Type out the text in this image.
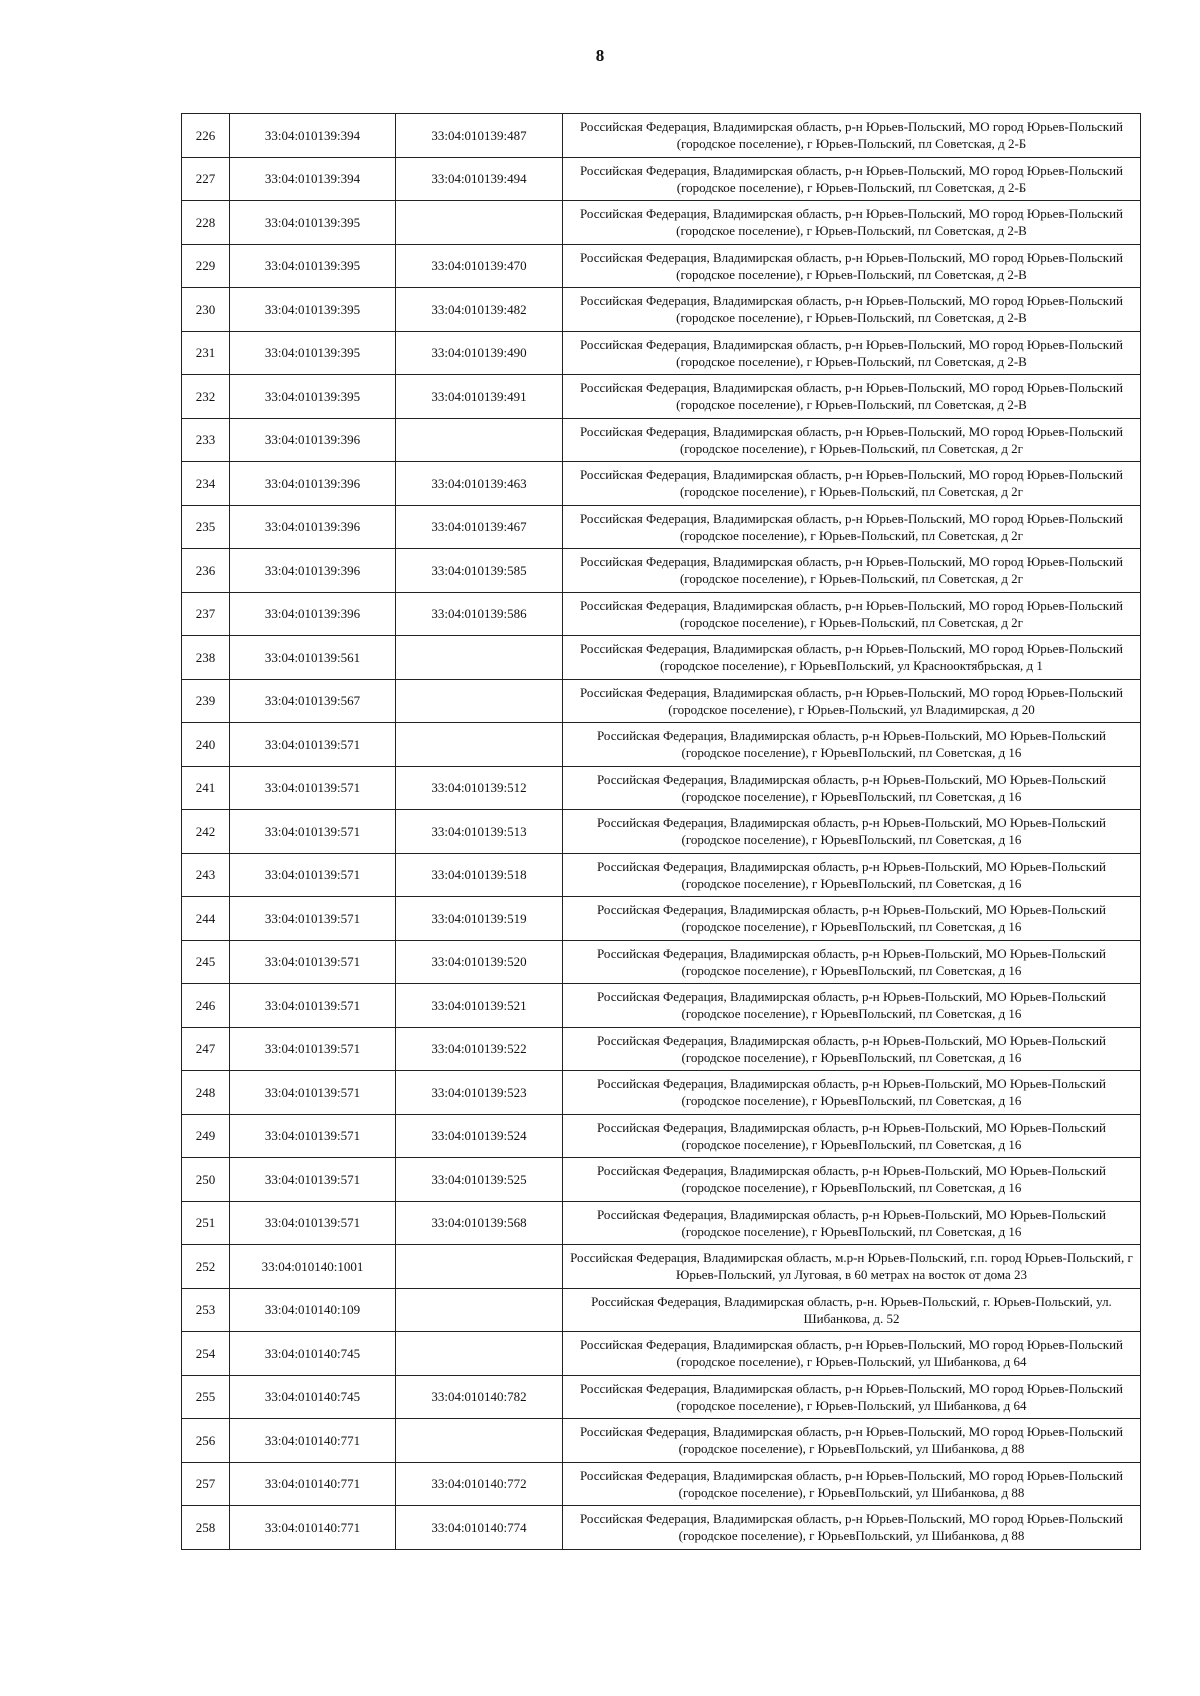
8
226	33:04:010139:394	33:04:010139:487	Российская Федерация, Владимирская область, р-н Юрьев-Польский, МО город Юрьев-Польский (городское поселение), г Юрьев-Польский, пл Советская, д 2-Б
227	33:04:010139:394	33:04:010139:494	Российская Федерация, Владимирская область, р-н Юрьев-Польский, МО город Юрьев-Польский (городское поселение), г Юрьев-Польский, пл Советская, д 2-Б
228	33:04:010139:395		Российская Федерация, Владимирская область, р-н Юрьев-Польский, МО город Юрьев-Польский (городское поселение), г Юрьев-Польский, пл Советская, д 2-В
229	33:04:010139:395	33:04:010139:470	Российская Федерация, Владимирская область, р-н Юрьев-Польский, МО город Юрьев-Польский (городское поселение), г Юрьев-Польский, пл Советская, д 2-В
230	33:04:010139:395	33:04:010139:482	Российская Федерация, Владимирская область, р-н Юрьев-Польский, МО город Юрьев-Польский (городское поселение), г Юрьев-Польский, пл Советская, д 2-В
231	33:04:010139:395	33:04:010139:490	Российская Федерация, Владимирская область, р-н Юрьев-Польский, МО город Юрьев-Польский (городское поселение), г Юрьев-Польский, пл Советская, д 2-В
232	33:04:010139:395	33:04:010139:491	Российская Федерация, Владимирская область, р-н Юрьев-Польский, МО город Юрьев-Польский (городское поселение), г Юрьев-Польский, пл Советская, д 2-В
233	33:04:010139:396		Российская Федерация, Владимирская область, р-н Юрьев-Польский, МО город Юрьев-Польский (городское поселение), г Юрьев-Польский, пл Советская, д 2г
234	33:04:010139:396	33:04:010139:463	Российская Федерация, Владимирская область, р-н Юрьев-Польский, МО город Юрьев-Польский (городское поселение), г Юрьев-Польский, пл Советская, д 2г
235	33:04:010139:396	33:04:010139:467	Российская Федерация, Владимирская область, р-н Юрьев-Польский, МО город Юрьев-Польский (городское поселение), г Юрьев-Польский, пл Советская, д 2г
236	33:04:010139:396	33:04:010139:585	Российская Федерация, Владимирская область, р-н Юрьев-Польский, МО город Юрьев-Польский (городское поселение), г Юрьев-Польский, пл Советская, д 2г
237	33:04:010139:396	33:04:010139:586	Российская Федерация, Владимирская область, р-н Юрьев-Польский, МО город Юрьев-Польский (городское поселение), г Юрьев-Польский, пл Советская, д 2г
238	33:04:010139:561		Российская Федерация, Владимирская область, р-н Юрьев-Польский, МО город Юрьев-Польский (городское поселение), г ЮрьевПольский, ул Краснооктябрьская, д 1
239	33:04:010139:567		Российская Федерация, Владимирская область, р-н Юрьев-Польский, МО город Юрьев-Польский (городское поселение), г Юрьев-Польский, ул Владимирская, д 20
240	33:04:010139:571		Российская Федерация, Владимирская область, р-н Юрьев-Польский, МО Юрьев-Польский (городское поселение), г ЮрьевПольский, пл Советская, д 16
241	33:04:010139:571	33:04:010139:512	Российская Федерация, Владимирская область, р-н Юрьев-Польский, МО Юрьев-Польский (городское поселение), г ЮрьевПольский, пл Советская, д 16
242	33:04:010139:571	33:04:010139:513	Российская Федерация, Владимирская область, р-н Юрьев-Польский, МО Юрьев-Польский (городское поселение), г ЮрьевПольский, пл Советская, д 16
243	33:04:010139:571	33:04:010139:518	Российская Федерация, Владимирская область, р-н Юрьев-Польский, МО Юрьев-Польский (городское поселение), г ЮрьевПольский, пл Советская, д 16
244	33:04:010139:571	33:04:010139:519	Российская Федерация, Владимирская область, р-н Юрьев-Польский, МО Юрьев-Польский (городское поселение), г ЮрьевПольский, пл Советская, д 16
245	33:04:010139:571	33:04:010139:520	Российская Федерация, Владимирская область, р-н Юрьев-Польский, МО Юрьев-Польский (городское поселение), г ЮрьевПольский, пл Советская, д 16
246	33:04:010139:571	33:04:010139:521	Российская Федерация, Владимирская область, р-н Юрьев-Польский, МО Юрьев-Польский (городское поселение), г ЮрьевПольский, пл Советская, д 16
247	33:04:010139:571	33:04:010139:522	Российская Федерация, Владимирская область, р-н Юрьев-Польский, МО Юрьев-Польский (городское поселение), г ЮрьевПольский, пл Советская, д 16
248	33:04:010139:571	33:04:010139:523	Российская Федерация, Владимирская область, р-н Юрьев-Польский, МО Юрьев-Польский (городское поселение), г ЮрьевПольский, пл Советская, д 16
249	33:04:010139:571	33:04:010139:524	Российская Федерация, Владимирская область, р-н Юрьев-Польский, МО Юрьев-Польский (городское поселение), г ЮрьевПольский, пл Советская, д 16
250	33:04:010139:571	33:04:010139:525	Российская Федерация, Владимирская область, р-н Юрьев-Польский, МО Юрьев-Польский (городское поселение), г ЮрьевПольский, пл Советская, д 16
251	33:04:010139:571	33:04:010139:568	Российская Федерация, Владимирская область, р-н Юрьев-Польский, МО Юрьев-Польский (городское поселение), г ЮрьевПольский, пл Советская, д 16
252	33:04:010140:1001		Российская Федерация, Владимирская область, м.р-н Юрьев-Польский, г.п. город Юрьев-Польский, г Юрьев-Польский, ул Луговая, в 60 метрах на восток от дома 23
253	33:04:010140:109		Российская Федерация, Владимирская область, р-н. Юрьев-Польский, г. Юрьев-Польский, ул. Шибанкова, д. 52
254	33:04:010140:745		Российская Федерация, Владимирская область, р-н Юрьев-Польский, МО город Юрьев-Польский (городское поселение), г Юрьев-Польский, ул Шибанкова, д 64
255	33:04:010140:745	33:04:010140:782	Российская Федерация, Владимирская область, р-н Юрьев-Польский, МО город Юрьев-Польский (городское поселение), г Юрьев-Польский, ул Шибанкова, д 64
256	33:04:010140:771		Российская Федерация, Владимирская область, р-н Юрьев-Польский, МО город Юрьев-Польский (городское поселение), г ЮрьевПольский, ул Шибанкова, д 88
257	33:04:010140:771	33:04:010140:772	Российская Федерация, Владимирская область, р-н Юрьев-Польский, МО город Юрьев-Польский (городское поселение), г ЮрьевПольский, ул Шибанкова, д 88
258	33:04:010140:771	33:04:010140:774	Российская Федерация, Владимирская область, р-н Юрьев-Польский, МО город Юрьев-Польский (городское поселение), г ЮрьевПольский, ул Шибанкова, д 88
